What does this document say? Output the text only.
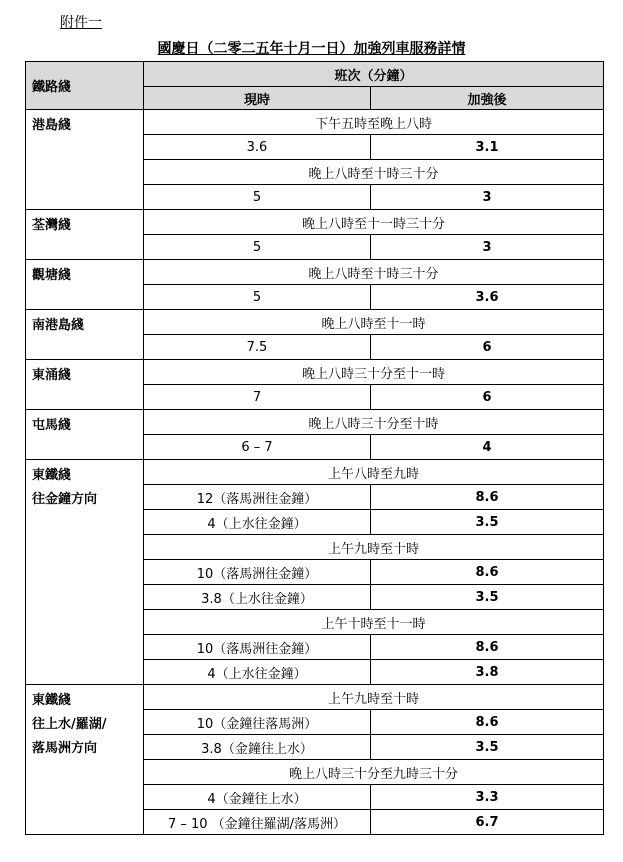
附件一
國慶日（二零二五年十月一日）加強列車服務詳情
鐵路綫	班次（分鐘）	
	現時	加強後

港島綫	下午五時至晚上八時	
	3.6	3.1
	晚上八時至十時三十分	
	5	3

荃灣綫	晚上八時至十一時三十分	
	5	3

觀塘綫	晚上八時至十時三十分	
	5	3.6

南港島綫	晚上八時至十一時	
	7.5	6

東涌綫	晚上八時三十分至十一時	
	7	6

屯馬綫	晚上八時三十分至十時	
	6 – 7	4

東鐵綫
往金鐘方向	上午八時至九時	
	12（落馬洲往金鐘）	8.6
	4（上水往金鐘）	3.5
	上午九時至十時	
	10（落馬洲往金鐘）	8.6
	3.8（上水往金鐘）	3.5
	上午十時至十一時	
	10（落馬洲往金鐘）	8.6
	4（上水往金鐘）	3.8

東鐵綫
往上水/羅湖/
落馬洲方向	上午九時至十時	
	10（金鐘往落馬洲）	8.6
	3.8（金鐘往上水）	3.5
	晚上八時三十分至九時三十分	
	4（金鐘往上水）	3.3
	7 – 10 （金鐘往羅湖/落馬洲）	6.7
